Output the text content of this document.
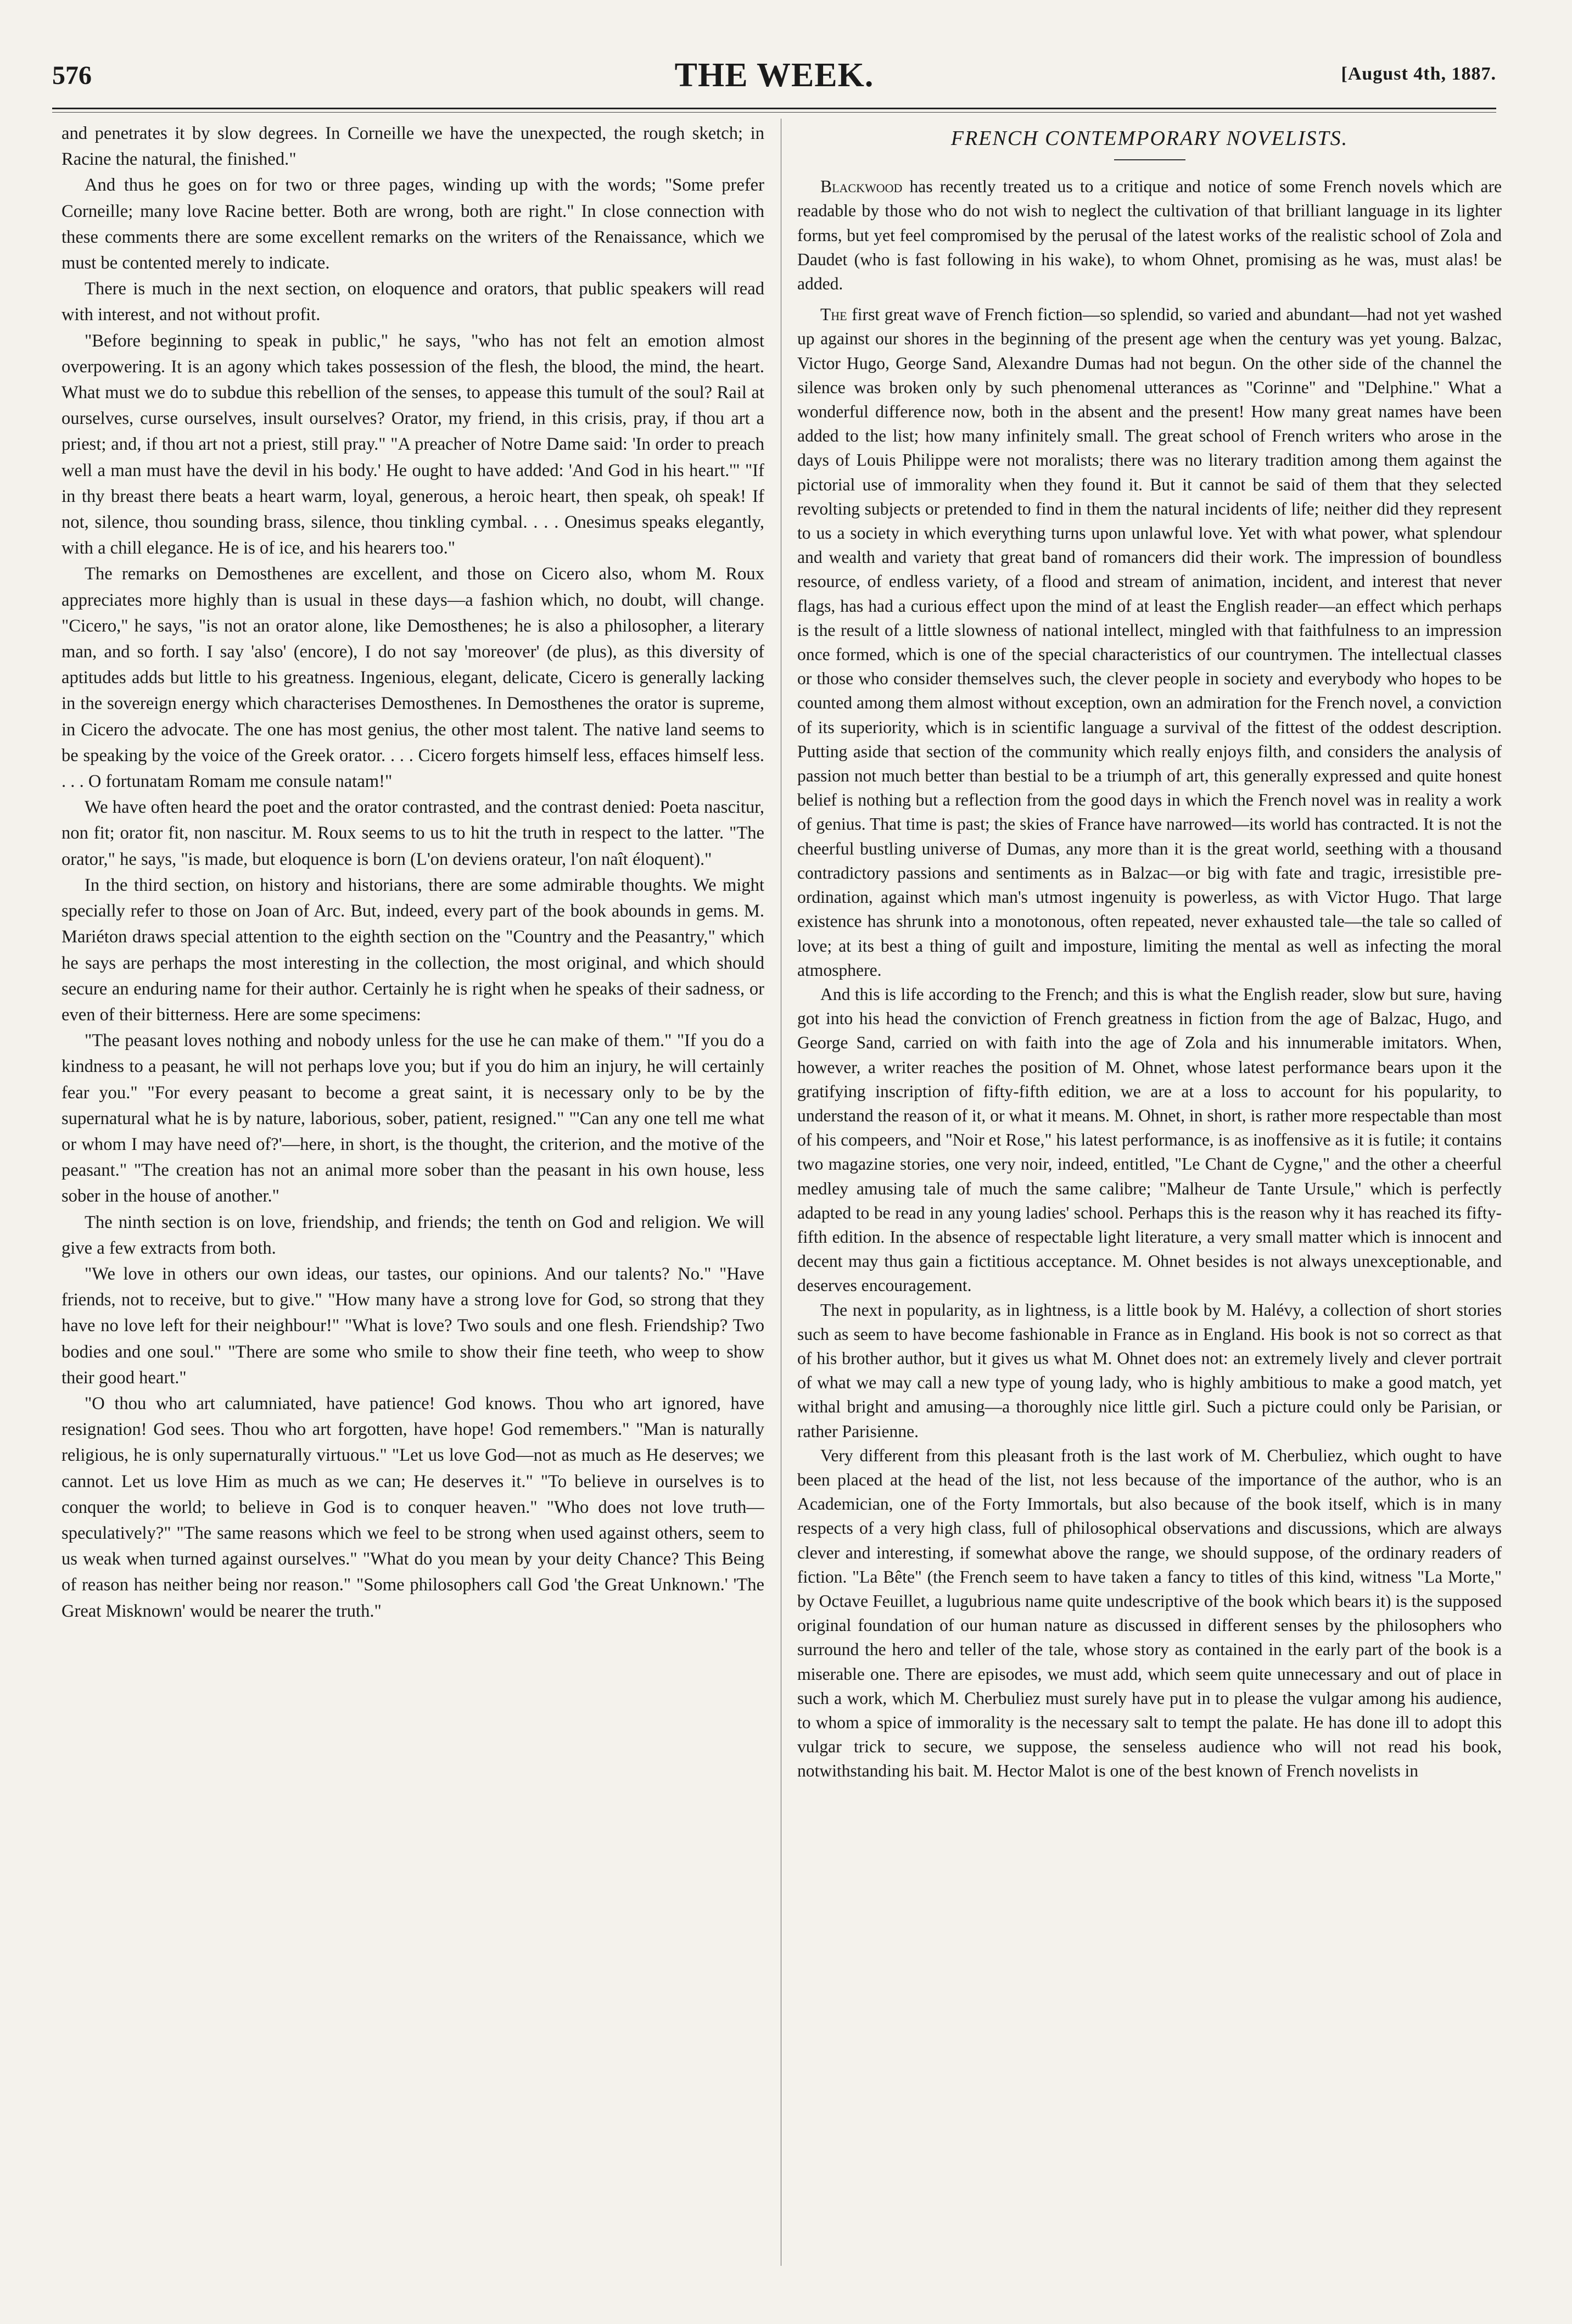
576	THE WEEK.	[August 4th, 1887.

and penetrates it by slow degrees. In Corneille we have the unexpected, the rough sketch; in Racine the natural, the finished."

And thus he goes on for two or three pages, winding up with the words; "Some prefer Corneille; many love Racine better. Both are wrong, both are right." In close connection with these comments there are some excellent remarks on the writers of the Renaissance, which we must be contented merely to indicate.

There is much in the next section, on eloquence and orators, that public speakers will read with interest, and not without profit.

"Before beginning to speak in public," he says, "who has not felt an emotion almost overpowering. It is an agony which takes possession of the flesh, the blood, the mind, the heart. What must we do to subdue this rebellion of the senses, to appease this tumult of the soul? Rail at ourselves, curse ourselves, insult ourselves? Orator, my friend, in this crisis, pray, if thou art a priest; and, if thou art not a priest, still pray." "A preacher of Notre Dame said: 'In order to preach well a man must have the devil in his body.' He ought to have added: 'And God in his heart.'" "If in thy breast there beats a heart warm, loyal, generous, a heroic heart, then speak, oh speak! If not, silence, thou sounding brass, silence, thou tinkling cymbal. . . . Onesimus speaks elegantly, with a chill elegance. He is of ice, and his hearers too."

The remarks on Demosthenes are excellent, and those on Cicero also, whom M. Roux appreciates more highly than is usual in these days—a fashion which, no doubt, will change. "Cicero," he says, "is not an orator alone, like Demosthenes; he is also a philosopher, a literary man, and so forth. I say 'also' (encore), I do not say 'moreover' (de plus), as this diversity of aptitudes adds but little to his greatness. Ingenious, elegant, delicate, Cicero is generally lacking in the sovereign energy which characterises Demosthenes. In Demosthenes the orator is supreme, in Cicero the advocate. The one has most genius, the other most talent. The native land seems to be speaking by the voice of the Greek orator. . . . Cicero forgets himself less, effaces himself less. . . . O fortunatam Romam me consule natam!"

We have often heard the poet and the orator contrasted, and the contrast denied: Poeta nascitur, non fit; orator fit, non nascitur. M. Roux seems to us to hit the truth in respect to the latter. "The orator," he says, "is made, but eloquence is born (L'on deviens orateur, l'on naît éloquent)."

In the third section, on history and historians, there are some admirable thoughts. We might specially refer to those on Joan of Arc. But, indeed, every part of the book abounds in gems. M. Mariéton draws special attention to the eighth section on the "Country and the Peasantry," which he says are perhaps the most interesting in the collection, the most original, and which should secure an enduring name for their author. Certainly he is right when he speaks of their sadness, or even of their bitterness. Here are some specimens:

"The peasant loves nothing and nobody unless for the use he can make of them." "If you do a kindness to a peasant, he will not perhaps love you; but if you do him an injury, he will certainly fear you." "For every peasant to become a great saint, it is necessary only to be by the supernatural what he is by nature, laborious, sober, patient, resigned." "'Can any one tell me what or whom I may have need of?'—here, in short, is the thought, the criterion, and the motive of the peasant." "The creation has not an animal more sober than the peasant in his own house, less sober in the house of another."

The ninth section is on love, friendship, and friends; the tenth on God and religion. We will give a few extracts from both.

"We love in others our own ideas, our tastes, our opinions. And our talents? No." "Have friends, not to receive, but to give." "How many have a strong love for God, so strong that they have no love left for their neighbour!" "What is love? Two souls and one flesh. Friendship? Two bodies and one soul." "There are some who smile to show their fine teeth, who weep to show their good heart."

"O thou who art calumniated, have patience! God knows. Thou who art ignored, have resignation! God sees. Thou who art forgotten, have hope! God remembers." "Man is naturally religious, he is only supernaturally virtuous." "Let us love God—not as much as He deserves; we cannot. Let us love Him as much as we can; He deserves it." "To believe in ourselves is to conquer the world; to believe in God is to conquer heaven." "Who does not love truth—speculatively?" "The same reasons which we feel to be strong when used against others, seem to us weak when turned against ourselves." "What do you mean by your deity Chance? This Being of reason has neither being nor reason." "Some philosophers call God 'the Great Unknown.' 'The Great Misknown' would be nearer the truth."

FRENCH CONTEMPORARY NOVELISTS.

Blackwood has recently treated us to a critique and notice of some French novels which are readable by those who do not wish to neglect the cultivation of that brilliant language in its lighter forms, but yet feel compromised by the perusal of the latest works of the realistic school of Zola and Daudet (who is fast following in his wake), to whom Ohnet, promising as he was, must alas! be added.

The first great wave of French fiction—so splendid, so varied and abundant—had not yet washed up against our shores in the beginning of the present age when the century was yet young. Balzac, Victor Hugo, George Sand, Alexandre Dumas had not begun. On the other side of the channel the silence was broken only by such phenomenal utterances as "Corinne" and "Delphine." What a wonderful difference now, both in the absent and the present! How many great names have been added to the list; how many infinitely small. The great school of French writers who arose in the days of Louis Philippe were not moralists; there was no literary tradition among them against the pictorial use of immorality when they found it. But it cannot be said of them that they selected revolting subjects or pretended to find in them the natural incidents of life; neither did they represent to us a society in which everything turns upon unlawful love. Yet with what power, what splendour and wealth and variety that great band of romancers did their work. The impression of boundless resource, of endless variety, of a flood and stream of animation, incident, and interest that never flags, has had a curious effect upon the mind of at least the English reader—an effect which perhaps is the result of a little slowness of national intellect, mingled with that faithfulness to an impression once formed, which is one of the special characteristics of our countrymen. The intellectual classes or those who consider themselves such, the clever people in society and everybody who hopes to be counted among them almost without exception, own an admiration for the French novel, a conviction of its superiority, which is in scientific language a survival of the fittest of the oddest description. Putting aside that section of the community which really enjoys filth, and considers the analysis of passion not much better than bestial to be a triumph of art, this generally expressed and quite honest belief is nothing but a reflection from the good days in which the French novel was in reality a work of genius. That time is past; the skies of France have narrowed—its world has contracted. It is not the cheerful bustling universe of Dumas, any more than it is the great world, seething with a thousand contradictory passions and sentiments as in Balzac—or big with fate and tragic, irresistible pre-ordination, against which man's utmost ingenuity is powerless, as with Victor Hugo. That large existence has shrunk into a monotonous, often repeated, never exhausted tale—the tale so called of love; at its best a thing of guilt and imposture, limiting the mental as well as infecting the moral atmosphere.

And this is life according to the French; and this is what the English reader, slow but sure, having got into his head the conviction of French greatness in fiction from the age of Balzac, Hugo, and George Sand, carried on with faith into the age of Zola and his innumerable imitators. When, however, a writer reaches the position of M. Ohnet, whose latest performance bears upon it the gratifying inscription of fifty-fifth edition, we are at a loss to account for his popularity, to understand the reason of it, or what it means. M. Ohnet, in short, is rather more respectable than most of his compeers, and "Noir et Rose," his latest performance, is as inoffensive as it is futile; it contains two magazine stories, one very noir, indeed, entitled, "Le Chant de Cygne," and the other a cheerful medley amusing tale of much the same calibre; "Malheur de Tante Ursule," which is perfectly adapted to be read in any young ladies' school. Perhaps this is the reason why it has reached its fifty-fifth edition. In the absence of respectable light literature, a very small matter which is innocent and decent may thus gain a fictitious acceptance. M. Ohnet besides is not always unexceptionable, and deserves encouragement.

The next in popularity, as in lightness, is a little book by M. Halévy, a collection of short stories such as seem to have become fashionable in France as in England. His book is not so correct as that of his brother author, but it gives us what M. Ohnet does not: an extremely lively and clever portrait of what we may call a new type of young lady, who is highly ambitious to make a good match, yet withal bright and amusing—a thoroughly nice little girl. Such a picture could only be Parisian, or rather Parisienne.

Very different from this pleasant froth is the last work of M. Cherbuliez, which ought to have been placed at the head of the list, not less because of the importance of the author, who is an Academician, one of the Forty Immortals, but also because of the book itself, which is in many respects of a very high class, full of philosophical observations and discussions, which are always clever and interesting, if somewhat above the range, we should suppose, of the ordinary readers of fiction. "La Bête" (the French seem to have taken a fancy to titles of this kind, witness "La Morte," by Octave Feuillet, a lugubrious name quite undescriptive of the book which bears it) is the supposed original foundation of our human nature as discussed in different senses by the philosophers who surround the hero and teller of the tale, whose story as contained in the early part of the book is a miserable one. There are episodes, we must add, which seem quite unnecessary and out of place in such a work, which M. Cherbuliez must surely have put in to please the vulgar among his audience, to whom a spice of immorality is the necessary salt to tempt the palate. He has done ill to adopt this vulgar trick to secure, we suppose, the senseless audience who will not read his book, notwithstanding his bait. M. Hector Malot is one of the best known of French novelists in
